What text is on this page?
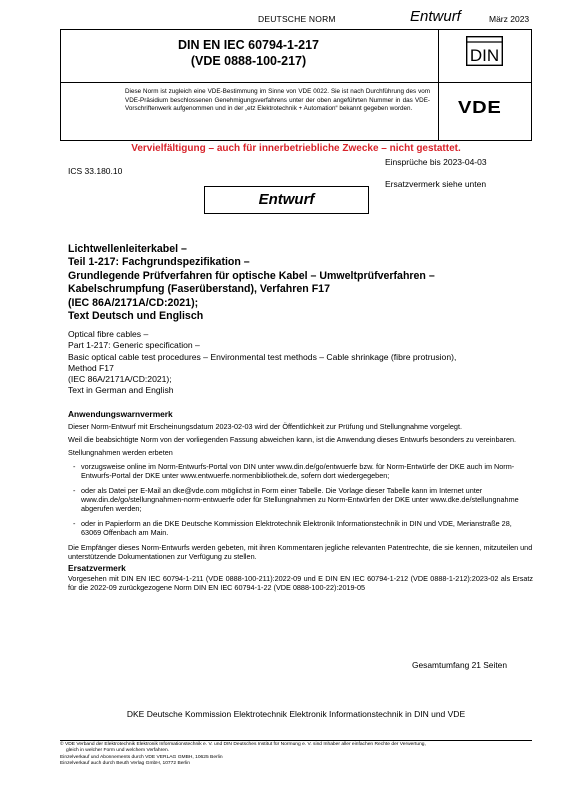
DEUTSCHE NORM	Entwurf	März 2023
DIN EN IEC 60794-1-217
(VDE 0888-100-217)	DIN
Diese Norm ist zugleich eine VDE-Bestimmung im Sinne von VDE 0022. Sie ist nach Durchführung des vom VDE-Präsidium beschlossenen Genehmigungsverfahrens unter der oben angeführten Nummer in das VDE-Vorschriftenwerk aufgenommen und in der „etz Elektrotechnik + Automation“ bekannt gegeben worden.	VDE
Vervielfältigung – auch für innerbetriebliche Zwecke – nicht gestattet.
Einsprüche bis 2023-04-03
ICS 33.180.10
Ersatzvermerk siehe unten
Entwurf
Lichtwellenleiterkabel –
Teil 1-217: Fachgrundspezifikation –
Grundlegende Prüfverfahren für optische Kabel – Umweltprüfverfahren –
Kabelschrumpfung (Faserüberstand), Verfahren F17
(IEC 86A/2171A/CD:2021);
Text Deutsch und Englisch
Optical fibre cables –
Part 1-217: Generic specification –
Basic optical cable test procedures – Environmental test methods – Cable shrinkage (fibre protrusion),
Method F17
(IEC 86A/2171A/CD:2021);
Text in German and English

Anwendungswarnvermerk

Dieser Norm-Entwurf mit Erscheinungsdatum 2023-02-03 wird der Öffentlichkeit zur Prüfung und Stellungnahme vorgelegt.

Weil die beabsichtigte Norm von der vorliegenden Fassung abweichen kann, ist die Anwendung dieses Entwurfs besonders zu vereinbaren.

Stellungnahmen werden erbeten

- vorzugsweise online im Norm-Entwurfs-Portal von DIN unter www.din.de/go/entwuerfe bzw. für Norm-Entwürfe der DKE auch im Norm-Entwurfs-Portal der DKE unter www.entwuerfe.normenbibliothek.de, sofern dort wiedergegeben;
- oder als Datei per E-Mail an dke@vde.com möglichst in Form einer Tabelle. Die Vorlage dieser Tabelle kann im Internet unter www.din.de/go/stellungnahmen-norm-entwuerfe oder für Stellungnahmen zu Norm-Entwürfen der DKE unter www.dke.de/stellungnahme abgerufen werden;
- oder in Papierform an die DKE Deutsche Kommission Elektrotechnik Elektronik Informationstechnik in DIN und VDE, Merianstraße 28, 63069 Offenbach am Main.

Die Empfänger dieses Norm-Entwurfs werden gebeten, mit ihren Kommentaren jegliche relevanten Patentrechte, die sie kennen, mitzuteilen und unterstützende Dokumentationen zur Verfügung zu stellen.

Ersatzvermerk

Vorgesehen mit DIN EN IEC 60794-1-211 (VDE 0888-100-211):2022-09 und E DIN EN IEC 60794-1-212 (VDE 0888-1-212):2023-02 als Ersatz für die 2022-09 zurückgezogene Norm DIN EN IEC 60794-1-22 (VDE 0888-100-22):2019-05

Gesamtumfang 21 Seiten
DKE Deutsche Kommission Elektrotechnik Elektronik Informationstechnik in DIN und VDE
© VDE Verband der Elektrotechnik Elektronik Informationstechnik e. V. und DIN Deutsches Institut für Normung e. V. sind Inhaber aller einfachen Rechte der Verwertung,
gleich in welcher Form und welchem Verfahren.
Einzelverkauf und Abonnements durch VDE VERLAG GMBH, 10625 Berlin
Einzelverkauf auch durch Beuth Verlag GmbH, 10772 Berlin
